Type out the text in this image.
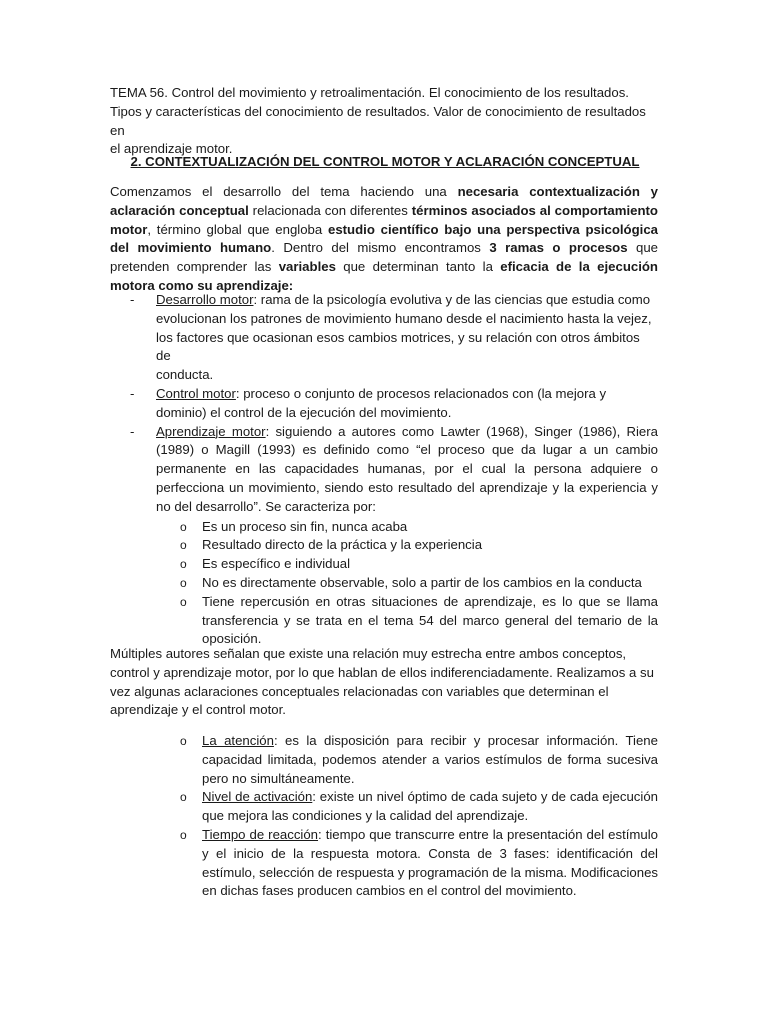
TEMA 56. Control del movimiento y retroalimentación. El conocimiento de los resultados.
Tipos y características del conocimiento de resultados. Valor de conocimiento de resultados en
el aprendizaje motor.
2. CONTEXTUALIZACIÓN DEL CONTROL MOTOR Y ACLARACIÓN CONCEPTUAL
Comenzamos el desarrollo del tema haciendo una necesaria contextualización y aclaración conceptual relacionada con diferentes términos asociados al comportamiento motor, término global que engloba estudio científico bajo una perspectiva psicológica del movimiento humano. Dentro del mismo encontramos 3 ramas o procesos que pretenden comprender las variables que determinan tanto la eficacia de la ejecución motora como su aprendizaje:
- Desarrollo motor: rama de la psicología evolutiva y de las ciencias que estudia como
evolucionan los patrones de movimiento humano desde el nacimiento hasta la vejez,
los factores que ocasionan esos cambios motrices, y su relación con otros ámbitos de
conducta.
- Control motor: proceso o conjunto de procesos relacionados con (la mejora y
dominio) el control de la ejecución del movimiento.
- Aprendizaje motor: siguiendo a autores como Lawter (1968), Singer (1986), Riera (1989) o Magill (1993) es definido como “el proceso que da lugar a un cambio permanente en las capacidades humanas, por el cual la persona adquiere o perfecciona un movimiento, siendo esto resultado del aprendizaje y la experiencia y no del desarrollo”. Se caracteriza por:
o Es un proceso sin fin, nunca acaba
o Resultado directo de la práctica y la experiencia
o Es específico e individual
o No es directamente observable, solo a partir de los cambios en la conducta
o Tiene repercusión en otras situaciones de aprendizaje, es lo que se llama transferencia y se trata en el tema 54 del marco general del temario de la oposición.
Múltiples autores señalan que existe una relación muy estrecha entre ambos conceptos,
control y aprendizaje motor, por lo que hablan de ellos indiferenciadamente. Realizamos a su
vez algunas aclaraciones conceptuales relacionadas con variables que determinan el
aprendizaje y el control motor.
o La atención: es la disposición para recibir y procesar información. Tiene capacidad limitada, podemos atender a varios estímulos de forma sucesiva pero no simultáneamente.
o Nivel de activación: existe un nivel óptimo de cada sujeto y de cada ejecución que mejora las condiciones y la calidad del aprendizaje.
o Tiempo de reacción: tiempo que transcurre entre la presentación del estímulo y el inicio de la respuesta motora. Consta de 3 fases: identificación del estímulo, selección de respuesta y programación de la misma. Modificaciones en dichas fases producen cambios en el control del movimiento.
